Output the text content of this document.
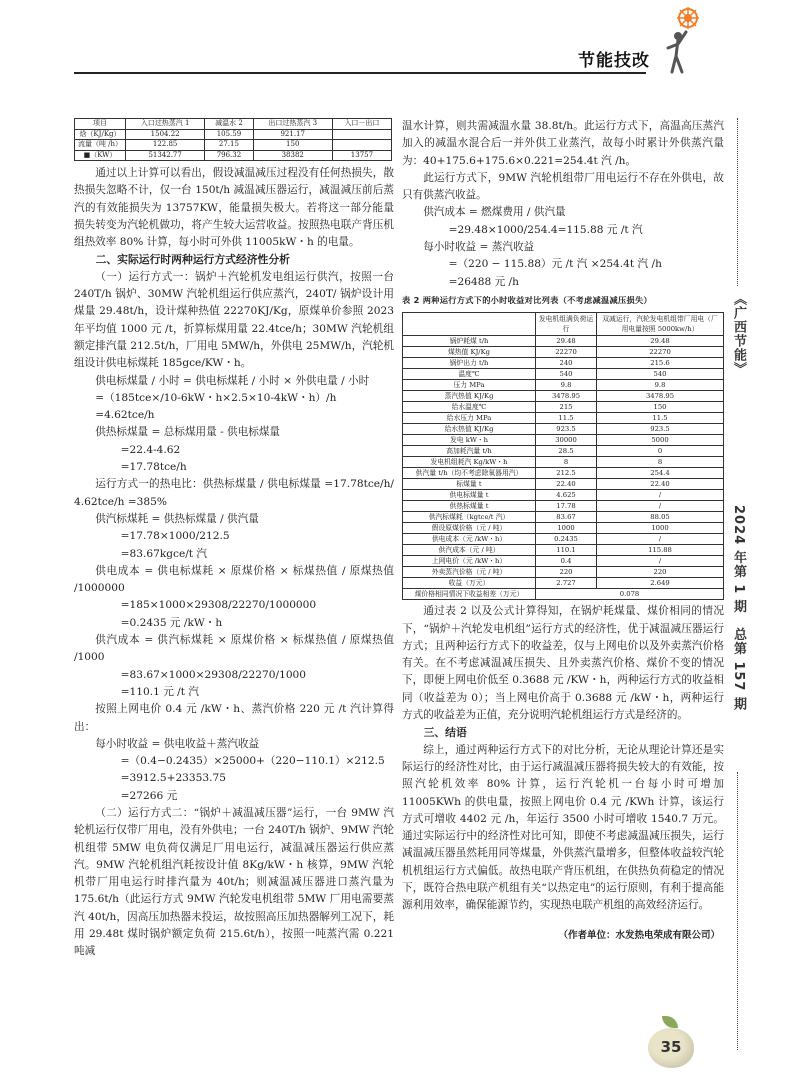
节能技改
《广西节能》
2024 年第 1 期　总第 157 期
35
项目	入口过热蒸汽 1	减温水 2	出口过热蒸汽 3	入口－出口
焓（KJ/Kg）	1504.22	105.59	921.17	
流量（吨 /h）	122.85	27.15	150	
■（KW）	51342.77	796.32	38382	13757

通过以上计算可以看出，假设减温减压过程没有任何热损失，散热损失忽略不计，仅一台 150t/h 减温减压器运行，减温减压前后蒸汽的有效能损失为 13757KW，能量损失极大。若将这一部分能量损失转变为汽轮机做功，将产生较大运营收益。按照热电联产背压机组热效率 80% 计算，每小时可外供 11005kW・h 的电量。

二、实际运行时两种运行方式经济性分析

（一）运行方式一：锅炉＋汽轮机发电组运行供汽，按照一台 240T/h 锅炉、30MW 汽轮机组运行供应蒸汽，240T/ 锅炉设计用煤量 29.48t/h，设计煤种热值 22270KJ/Kg，原煤单价参照 2023 年平均值 1000 元 /t，折算标煤用量 22.4tce/h；30MW 汽轮机组额定排汽量 212.5t/h，厂用电 5MW/h，外供电 25MW/h，汽轮机组设计供电标煤耗 185gce/KW・h。

供电标煤量 / 小时 = 供电标煤耗 / 小时 × 外供电量 / 小时

=（185tce×/10-6kW・h×2.5×10-4kW・h）/h

=4.62tce/h

供热标煤量 = 总标煤用量 - 供电标煤量

=22.4-4.62

=17.78tce/h

运行方式一的热电比：供热标煤量 / 供电标煤量 =17.78tce/h/ 4.62tce/h =385%

供汽标煤耗 = 供热标煤量 / 供汽量

=17.78×1000/212.5

=83.67kgce/t 汽

供电成本 = 供电标煤耗 × 原煤价格 × 标煤热值 / 原煤热值 /1000000

=185×1000×29308/22270/1000000

=0.2435 元 /kW・h

供汽成本 = 供汽标煤耗 × 原煤价格 × 标煤热值 / 原煤热值 /1000

=83.67×1000×29308/22270/1000

=110.1 元 /t 汽

按照上网电价 0.4 元 /kW・h、蒸汽价格 220 元 /t 汽计算得出：

每小时收益 = 供电收益＋蒸汽收益

=（0.4−0.2435）×25000+（220−110.1）×212.5

=3912.5+23353.75

=27266 元

（二）运行方式二：“锅炉＋减温减压器”运行，一台 9MW 汽轮机运行仅带厂用电，没有外供电；一台 240T/h 锅炉、9MW 汽轮机组带 5MW 电负荷仅满足厂用电运行，减温减压器运行供应蒸汽。9MW 汽轮机组汽耗按设计值 8Kg/kW・h 核算，9MW 汽轮机带厂用电运行时排汽量为 40t/h；则减温减压器进口蒸汽量为 175.6t/h（此运行方式 9MW 汽轮发电机组带 5MW 厂用电需要蒸汽 40t/h，因高压加热器未投运，故按照高压加热器解列工况下，耗用 29.48t 煤时锅炉额定负荷 215.6t/h），按照一吨蒸汽需 0.221 吨减

温水计算，则共需减温水量 38.8t/h。此运行方式下，高温高压蒸汽加入的减温水混合后一并外供工业蒸汽，故每小时累计外供蒸汽量为：40+175.6+175.6×0.221=254.4t 汽 /h。

此运行方式下，9MW 汽轮机组带厂用电运行不存在外供电，故只有供蒸汽收益。

供汽成本 = 燃煤费用 / 供汽量

=29.48×1000/254.4=115.88 元 /t 汽

每小时收益 = 蒸汽收益

=（220 − 115.88）元 /t 汽 ×254.4t 汽 /h

=26488 元 /h

表 2 两种运行方式下的小时收益对比列表（不考虑减温减压损失）
	发电机组满负荷运行	双减运行，汽轮发电机组带厂用电（厂用电量按照 5000kw/h）
锅炉耗煤 t/h	29.48	29.48
煤热值 KJ/Kg	22270	22270
锅炉出力 t/h	240	215.6
温度℃	540	540
压力 MPa	9.8	9.8
蒸汽热值 KJ/Kg	3478.95	3478.95
给水温度℃	215	150
给水压力 MPa	11.5	11.5
给水热值 KJ/Kg	923.5	923.5
发电 kW・h	30000	5000
高加耗汽量 t/h	28.5	0
发电机组耗汽 Kg/kW・h	8	8
供汽量 t/h（均不考虑除氧器用汽）	212.5	254.4
标煤量 t	22.40	22.40
供电标煤量 t	4.625	/
供热标煤量 t	17.78	/
供汽标煤耗（kgtce/t 汽）	83.67	88.05
假设原煤价格（元 / 吨）	1000	1000
供电成本（元 /kW・h）	0.2435	/
供汽成本（元 / 吨）	110.1	115.88
上网电价（元 /kW・h）	0.4	/
外卖蒸汽价格（元 / 吨）	220	220
收益（万元）	2.727	2.649
煤价格相同情况下收益相差（万元）	0.078	

通过表 2 以及公式计算得知，在锅炉耗煤量、煤价相同的情况下，“锅炉＋汽轮发电机组”运行方式的经济性，优于减温减压器运行方式；且两种运行方式下的收益差，仅与上网电价以及外卖蒸汽价格有关。在不考虑减温减压损失、且外卖蒸汽价格、煤价不变的情况下，即便上网电价低至 0.3688 元 /KW・h，两种运行方式的收益相同（收益差为 0）；当上网电价高于 0.3688 元 /kW・h，两种运行方式的收益差为正值，充分说明汽轮机组运行方式是经济的。

三、结语

综上，通过两种运行方式下的对比分析，无论从理论计算还是实际运行的经济性对比，由于运行减温减压器将损失较大的有效能，按照汽轮机效率 80% 计算，运行汽轮机一台每小时可增加 11005KWh 的供电量，按照上网电价 0.4 元 /KWh 计算，该运行方式可增收 4402 元 /h，年运行 3500 小时可增收 1540.7 万元。通过实际运行中的经济性对比可知，即使不考虑减温减压损失，运行减温减压器虽然耗用同等煤量，外供蒸汽量增多，但整体收益较汽轮机机组运行方式偏低。故热电联产背压机组，在供热负荷稳定的情况下，既符合热电联产机组有关“以热定电”的运行原则，有利于提高能源利用效率，确保能源节约，实现热电联产机组的高效经济运行。

（作者单位：水发热电荣成有限公司）
